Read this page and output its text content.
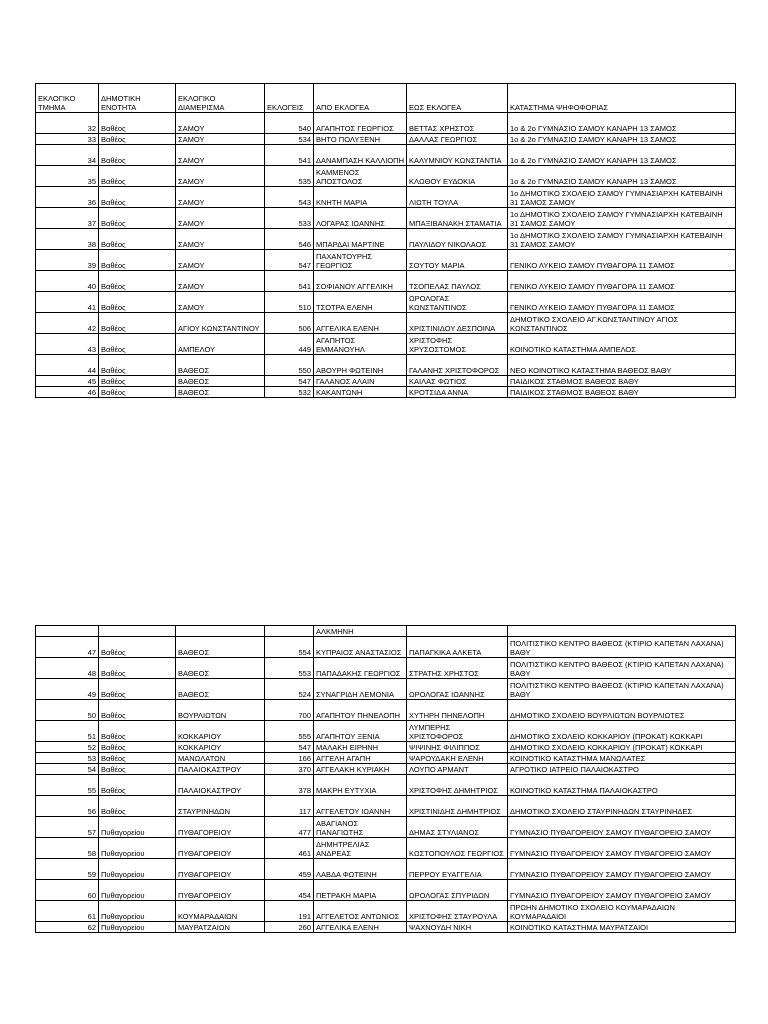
ΕΚΛΟΓΙΚΟ ΤΜΗΜΑ	ΔΗΜΟΤΙΚΗ ΕΝΟΤΗΤΑ	ΕΚΛΟΓΙΚΟ ΔΙΑΜΕΡΙΣΜΑ	ΕΚΛΟΓΕΙΣ	ΑΠΟ ΕΚΛΟΓΕΑ	ΕΩΣ ΕΚΛΟΓΕΑ	ΚΑΤΑΣΤΗΜΑ ΨΗΦΟΦΟΡΙΑΣ
32	Βαθέος	ΣΑΜΟΥ	540	ΑΓΑΠΗΤΟΣ ΓΕΩΡΓΙΟΣ	ΒΕΤΤΑΣ ΧΡΗΣΤΟΣ	1ο & 2ο ΓΥΜΝΑΣΙΟ ΣΑΜΟΥ ΚΑΝΑΡΗ 13 ΣΑΜΟΣ
33	Βαθέος	ΣΑΜΟΥ	534	ΒΗΤΟ ΠΟΛΥΞΕΝΗ	ΔΑΛΛΑΣ ΓΕΩΡΓΙΟΣ	1ο & 2ο ΓΥΜΝΑΣΙΟ ΣΑΜΟΥ ΚΑΝΑΡΗ 13 ΣΑΜΟΣ
34	Βαθέος	ΣΑΜΟΥ	541	ΔΑΝΑΜΠΑΣΗ ΚΑΛΛΙΟΠΗ	ΚΑΛΥΜΝΙΟΥ ΚΩΝΣΤΑΝΤΙΑ	1ο & 2ο ΓΥΜΝΑΣΙΟ ΣΑΜΟΥ ΚΑΝΑΡΗ 13 ΣΑΜΟΣ
35	Βαθέος	ΣΑΜΟΥ	535	ΚΑΜΜΕΝΟΣ ΑΠΟΣΤΟΛΟΣ	ΚΛΩΘΟΥ ΕΥΔΟΚΙΑ	1ο & 2ο ΓΥΜΝΑΣΙΟ ΣΑΜΟΥ ΚΑΝΑΡΗ 13 ΣΑΜΟΣ
36	Βαθέος	ΣΑΜΟΥ	543	ΚΝΗΤΗ ΜΑΡΙΑ	ΛΙΩΤΗ ΤΟΥΛΑ	1ο ΔΗΜΟΤΙΚΟ ΣΧΟΛΕΙΟ ΣΑΜΟΥ ΓΥΜΝΑΣΙΑΡΧΗ ΚΑΤΕΒΑΙΝΗ 31 ΣΑΜΟΣ ΣΑΜΟΥ
37	Βαθέος	ΣΑΜΟΥ	533	ΛΟΓΑΡΑΣ ΙΩΑΝΝΗΣ	ΜΠΑΞΙΒΑΝΑΚΗ ΣΤΑΜΑΤΙΑ	1ο ΔΗΜΟΤΙΚΟ ΣΧΟΛΕΙΟ ΣΑΜΟΥ ΓΥΜΝΑΣΙΑΡΧΗ ΚΑΤΕΒΑΙΝΗ 31 ΣΑΜΟΣ ΣΑΜΟΥ
38	Βαθέος	ΣΑΜΟΥ	546	ΜΠΑΡΔΑΙ ΜΑΡΤΙΝΕ	ΠΑΥΛΙΔΟΥ ΝΙΚΟΛΑΟΣ	1ο ΔΗΜΟΤΙΚΟ ΣΧΟΛΕΙΟ ΣΑΜΟΥ ΓΥΜΝΑΣΙΑΡΧΗ ΚΑΤΕΒΑΙΝΗ 31 ΣΑΜΟΣ ΣΑΜΟΥ
39	Βαθέος	ΣΑΜΟΥ	547	ΠΑΧΑΝΤΟΥΡΗΣ ΓΕΩΡΓΙΟΣ	ΣΟΥΤΟΥ ΜΑΡΙΑ	ΓΕΝΙΚΟ ΛΥΚΕΙΟ ΣΑΜΟΥ ΠΥΘΑΓΟΡΑ 11 ΣΑΜΟΣ
40	Βαθέος	ΣΑΜΟΥ	541	ΣΟΦΙΑΝΟΥ ΑΓΓΕΛΙΚΗ	ΤΣΟΠΕΛΑΣ ΠΑΥΛΟΣ	ΓΕΝΙΚΟ ΛΥΚΕΙΟ ΣΑΜΟΥ ΠΥΘΑΓΟΡΑ 11 ΣΑΜΟΣ
41	Βαθέος	ΣΑΜΟΥ	510	ΤΣΟΤΡΑ ΕΛΕΝΗ	ΩΡΟΛΟΓΑΣ ΚΩΝΣΤΑΝΤΙΝΟΣ	ΓΕΝΙΚΟ ΛΥΚΕΙΟ ΣΑΜΟΥ ΠΥΘΑΓΟΡΑ 11 ΣΑΜΟΣ
42	Βαθέος	ΑΓΙΟΥ ΚΩΝΣΤΑΝΤΙΝΟΥ	506	ΑΓΓΕΛΙΚΑ ΕΛΕΝΗ	ΧΡΙΣΤΙΝΙΔΟΥ ΔΕΣΠΟΙΝΑ	ΔΗΜΟΤΙΚΟ ΣΧΟΛΕΙΟ ΑΓ.ΚΩΝΣΤΑΝΤΙΝΟΥ ΑΓΙΟΣ ΚΩΝΣΤΑΝΤΙΝΟΣ
43	Βαθέος	ΑΜΠΕΛΟΥ	449	ΑΓΑΠΗΤΟΣ ΕΜΜΑΝΟΥΗΛ	ΧΡΙΣΤΟΦΗΣ ΧΡΥΣΟΣΤΟΜΟΣ	ΚΟΙΝΟΤΙΚΟ ΚΑΤΑΣΤΗΜΑ ΑΜΠΕΛΟΣ
44	Βαθέος	ΒΑΘΕΟΣ	550	ΑΒΟΥΡΗ ΦΩΤΕΙΝΗ	ΓΑΛΑΝΗΣ ΧΡΙΣΤΟΦΟΡΟΣ	ΝΕΟ ΚΟΙΝΟΤΙΚΟ ΚΑΤΑΣΤΗΜΑ ΒΑΘΕΟΣ ΒΑΘΥ
45	Βαθέος	ΒΑΘΕΟΣ	547	ΓΑΛΑΝΟΣ ΑΛΑΙΝ	ΚΑΙΛΑΣ ΦΩΤΙΟΣ	ΠΑΙΔΙΚΟΣ ΣΤΑΘΜΟΣ ΒΑΘΕΟΣ ΒΑΘΥ
46	Βαθέος	ΒΑΘΕΟΣ	532	ΚΑΚΑΝΤΩΝΗ	ΚΡΟΤΣΙΔΑ ΑΝΝΑ	ΠΑΙΔΙΚΟΣ ΣΤΑΘΜΟΣ ΒΑΘΕΟΣ ΒΑΘΥ
				ΑΛΚΜΗΝΗ		
47	Βαθέος	ΒΑΘΕΟΣ	554	ΚΥΠΡΑΙΟΣ ΑΝΑΣΤΑΣΙΟΣ	ΠΑΠΑΓΚΙΚΑ ΑΛΚΕΤΑ	ΠΟΛΙΤΙΣΤΙΚΟ ΚΕΝΤΡΟ ΒΑΘΕΟΣ (ΚΤΙΡΙΟ ΚΑΠΕΤΑΝ ΛΑΧΑΝΑ) ΒΑΘΥ
48	Βαθέος	ΒΑΘΕΟΣ	553	ΠΑΠΑΔΑΚΗΣ ΓΕΩΡΓΙΟΣ	ΣΤΡΑΤΗΣ ΧΡΗΣΤΟΣ	ΠΟΛΙΤΙΣΤΙΚΟ ΚΕΝΤΡΟ ΒΑΘΕΟΣ (ΚΤΙΡΙΟ ΚΑΠΕΤΑΝ ΛΑΧΑΝΑ) ΒΑΘΥ
49	Βαθέος	ΒΑΘΕΟΣ	524	ΣΥΝΑΓΡΙΔΗ ΛΕΜΟΝΙΑ	ΩΡΟΛΟΓΑΣ ΙΩΑΝΝΗΣ	ΠΟΛΙΤΙΣΤΙΚΟ ΚΕΝΤΡΟ ΒΑΘΕΟΣ (ΚΤΙΡΙΟ ΚΑΠΕΤΑΝ ΛΑΧΑΝΑ) ΒΑΘΥ
50	Βαθέος	ΒΟΥΡΛΙΩΤΩΝ	700	ΑΓΑΠΗΤΟΥ ΠΗΝΕΛΟΠΗ	ΧΥΤΗΡΗ ΠΗΝΕΛΟΠΗ	ΔΗΜΟΤΙΚΟ ΣΧΟΛΕΙΟ ΒΟΥΡΛΙΩΤΩΝ ΒΟΥΡΛΙΩΤΕΣ
51	Βαθέος	ΚΟΚΚΑΡΙΟΥ	555	ΑΓΑΠΗΤΟΥ ΞΕΝΙΑ	ΛΥΜΠΕΡΗΣ ΧΡΙΣΤΟΦΟΡΟΣ	ΔΗΜΟΤΙΚΟ ΣΧΟΛΕΙΟ ΚΟΚΚΑΡΙΟΥ (ΠΡΟΚΑΤ) ΚΟΚΚΑΡΙ
52	Βαθέος	ΚΟΚΚΑΡΙΟΥ	547	ΜΑΛΑΚΗ ΕΙΡΗΝΗ	ΨΙΨΙΝΗΣ ΦΙΛΙΠΠΟΣ	ΔΗΜΟΤΙΚΟ ΣΧΟΛΕΙΟ ΚΟΚΚΑΡΙΟΥ (ΠΡΟΚΑΤ) ΚΟΚΚΑΡΙ
53	Βαθέος	ΜΑΝΩΛΑΤΩΝ	166	ΑΓΓΕΛΗ ΑΓΑΠΗ	ΨΑΡΟΥΔΑΚΗ ΕΛΕΝΗ	ΚΟΙΝΟΤΙΚΟ ΚΑΤΑΣΤΗΜΑ ΜΑΝΩΛΑΤΕΣ
54	Βαθέος	ΠΑΛΑΙΟΚΑΣΤΡΟΥ	370	ΑΓΓΕΛΑΚΗ ΚΥΡΙΑΚΗ	ΛΟΥΠΟ ΑΡΜΑΝΤ	ΑΓΡΟΤΙΚΟ ΙΑΤΡΕΙΟ ΠΑΛΑΙΟΚΑΣΤΡΟ
55	Βαθέος	ΠΑΛΑΙΟΚΑΣΤΡΟΥ	378	ΜΑΚΡΗ ΕΥΤΥΧΙΑ	ΧΡΙΣΤΟΦΗΣ ΔΗΜΗΤΡΙΟΣ	ΚΟΙΝΟΤΙΚΟ ΚΑΤΑΣΤΗΜΑ ΠΑΛΑΙΟΚΑΣΤΡΟ
56	Βαθέος	ΣΤΑΥΡΙΝΗΔΩΝ	117	ΑΓΓΕΛΕΤΟΥ ΙΩΑΝΝΗ	ΧΡΙΣΤΙΝΙΔΗΣ ΔΗΜΗΤΡΙΟΣ	ΔΗΜΟΤΙΚΟ ΣΧΟΛΕΙΟ ΣΤΑΥΡΙΝΗΔΩΝ ΣΤΑΥΡΙΝΗΔΕΣ
57	Πυθαγορείου	ΠΥΘΑΓΟΡΕΙΟΥ	477	ΑΒΑΓΙΑΝΟΣ ΠΑΝΑΓΙΩΤΗΣ	ΔΗΜΑΣ ΣΤΥΛΙΑΝΟΣ	ΓΥΜΝΑΣΙΟ ΠΥΘΑΓΟΡΕΙΟΥ ΣΑΜΟΥ ΠΥΘΑΓΟΡΕΙΟ ΣΑΜΟΥ
58	Πυθαγορείου	ΠΥΘΑΓΟΡΕΙΟΥ	461	ΔΗΜΗΤΡΕΛΙΑΣ ΑΝΔΡΕΑΣ	ΚΩΣΤΟΠΟΥΛΟΣ ΓΕΩΡΓΙΟΣ	ΓΥΜΝΑΣΙΟ ΠΥΘΑΓΟΡΕΙΟΥ ΣΑΜΟΥ ΠΥΘΑΓΟΡΕΙΟ ΣΑΜΟΥ
59	Πυθαγορείου	ΠΥΘΑΓΟΡΕΙΟΥ	459	ΛΑΒΔΑ ΦΩΤΕΙΝΗ	ΠΕΡΡΟΥ ΕΥΑΓΓΕΛΙΑ	ΓΥΜΝΑΣΙΟ ΠΥΘΑΓΟΡΕΙΟΥ ΣΑΜΟΥ ΠΥΘΑΓΟΡΕΙΟ ΣΑΜΟΥ
60	Πυθαγορείου	ΠΥΘΑΓΟΡΕΙΟΥ	454	ΠΕΤΡΑΚΗ ΜΑΡΙΑ	ΩΡΟΛΟΓΑΣ ΣΠΥΡΙΔΩΝ	ΓΥΜΝΑΣΙΟ ΠΥΘΑΓΟΡΕΙΟΥ ΣΑΜΟΥ ΠΥΘΑΓΟΡΕΙΟ ΣΑΜΟΥ
61	Πυθαγορείου	ΚΟΥΜΑΡΑΔΑΙΩΝ	191	ΑΓΓΕΛΕΤΟΣ ΑΝΤΩΝΙΟΣ	ΧΡΙΣΤΟΦΗΣ ΣΤΑΥΡΟΥΛΑ	ΠΡΩΗΝ ΔΗΜΟΤΙΚΟ ΣΧΟΛΕΙΟ ΚΟΥΜΑΡΑΔΑΙΩΝ ΚΟΥΜΑΡΑΔΑΙΟΙ
62	Πυθαγορείου	ΜΑΥΡΑΤΖΑΙΩΝ	260	ΑΓΓΕΛΙΚΑ ΕΛΕΝΗ	ΨΑΧΝΟΥΔΗ ΝΙΚΗ	ΚΟΙΝΟΤΙΚΟ ΚΑΤΑΣΤΗΜΑ ΜΑΥΡΑΤΖΑΙΟΙ
